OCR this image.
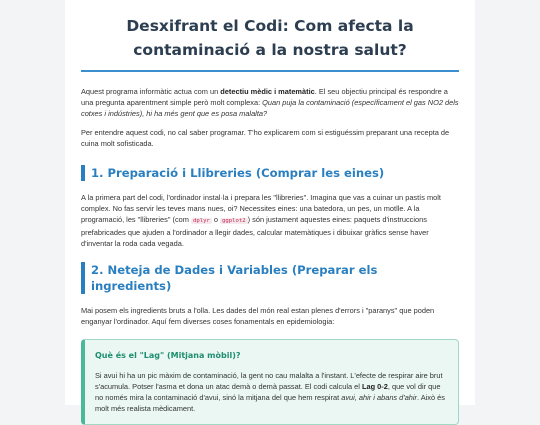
Desxifrant el Codi: Com afecta la contaminació a la nostra salut?

Aquest programa informàtic actua com un detectiu mèdic i matemàtic. El seu objectiu principal és respondre a una pregunta aparentment simple però molt complexa: Quan puja la contaminació (específicament el gas NO2 dels cotxes i indústries), hi ha més gent que es posa malalta?

Per entendre aquest codi, no cal saber programar. T'ho explicarem com si estiguéssim preparant una recepta de cuina molt sofisticada.

1. Preparació i Llibreries (Comprar les eines)

A la primera part del codi, l'ordinador instal·la i prepara les "llibreries". Imagina que vas a cuinar un pastís molt complex. No fas servir les teves mans nues, oi? Necessites eines: una batedora, un pes, un motlle. A la programació, les "llibreries" (com dplyr o ggplot2 ) són justament aquestes eines: paquets d'instruccions prefabricades que ajuden a l'ordinador a llegir dades, calcular matemàtiques i dibuixar gràfics sense haver d'inventar la roda cada vegada.

2. Neteja de Dades i Variables (Preparar els ingredients)

Mai posem els ingredients bruts a l'olla. Les dades del món real estan plenes d'errors i "paranys" que poden enganyar l'ordinador. Aquí fem diverses coses fonamentals en epidemiologia:

Què és el "Lag" (Mitjana mòbil)?

Si avui hi ha un pic màxim de contaminació, la gent no cau malalta a l'instant. L'efecte de respirar aire brut s'acumula. Potser l'asma et dona un atac demà o demà passat. El codi calcula el Lag 0-2, que vol dir que no només mira la contaminació d'avui, sinó la mitjana del que hem respirat avui, ahir i abans d'ahir. Això és molt més realista mèdicament.
